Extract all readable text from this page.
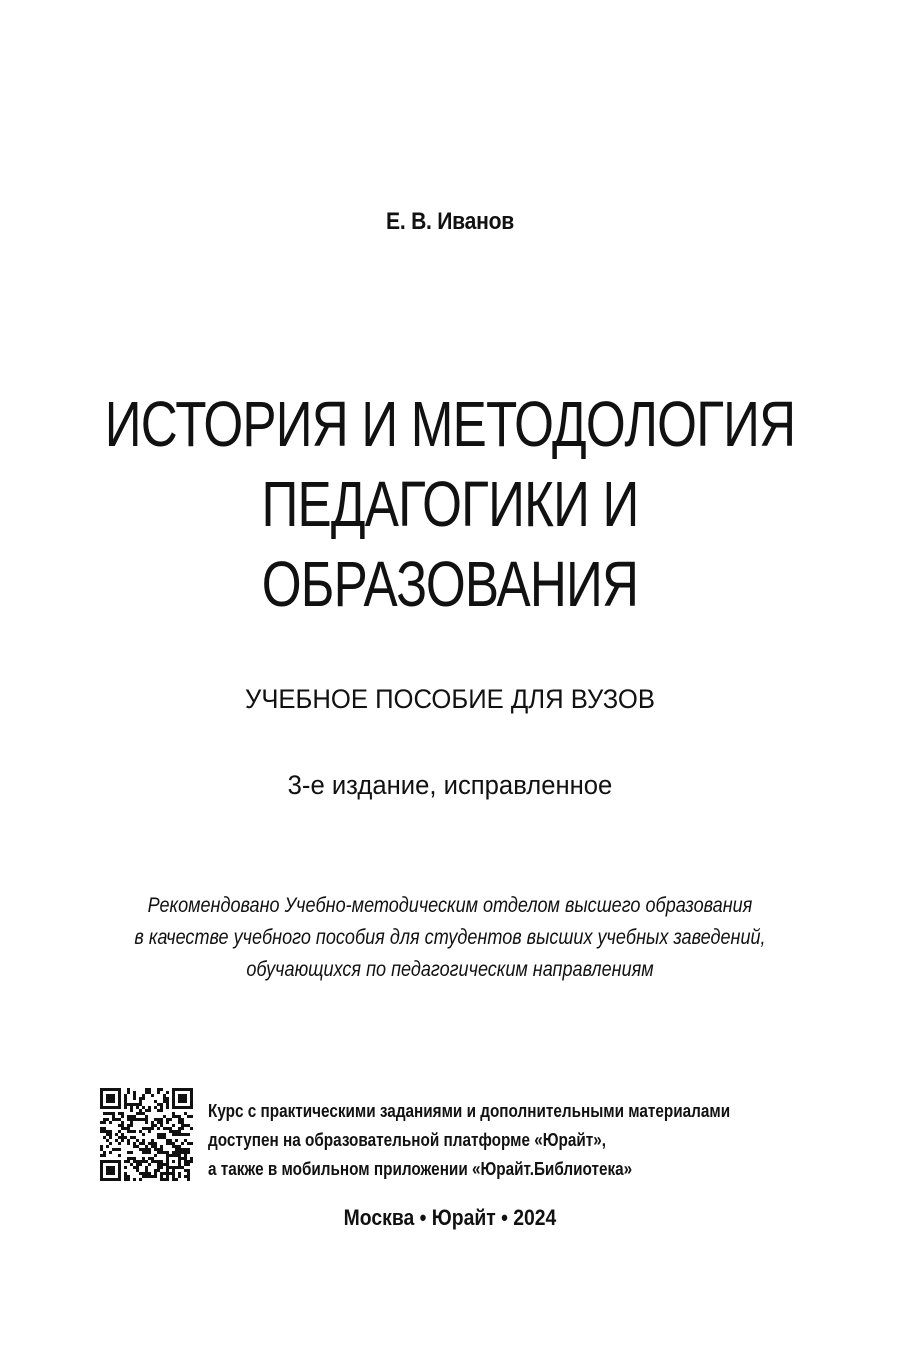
Е. В. Иванов
ИСТОРИЯ И МЕТОДОЛОГИЯ
ПЕДАГОГИКИ И ОБРАЗОВАНИЯ
УЧЕБНОЕ ПОСОБИЕ ДЛЯ ВУЗОВ
3-е издание, исправленное
Рекомендовано Учебно-методическим отделом высшего образования
в качестве учебного пособия для студентов высших учебных заведений,
обучающихся по педагогическим направлениям
Курс с практическими заданиями и дополнительными материалами
доступен на образовательной платформе «Юрайт»,
а также в мобильном приложении «Юрайт.Библиотека»
Москва • Юрайт • 2024
